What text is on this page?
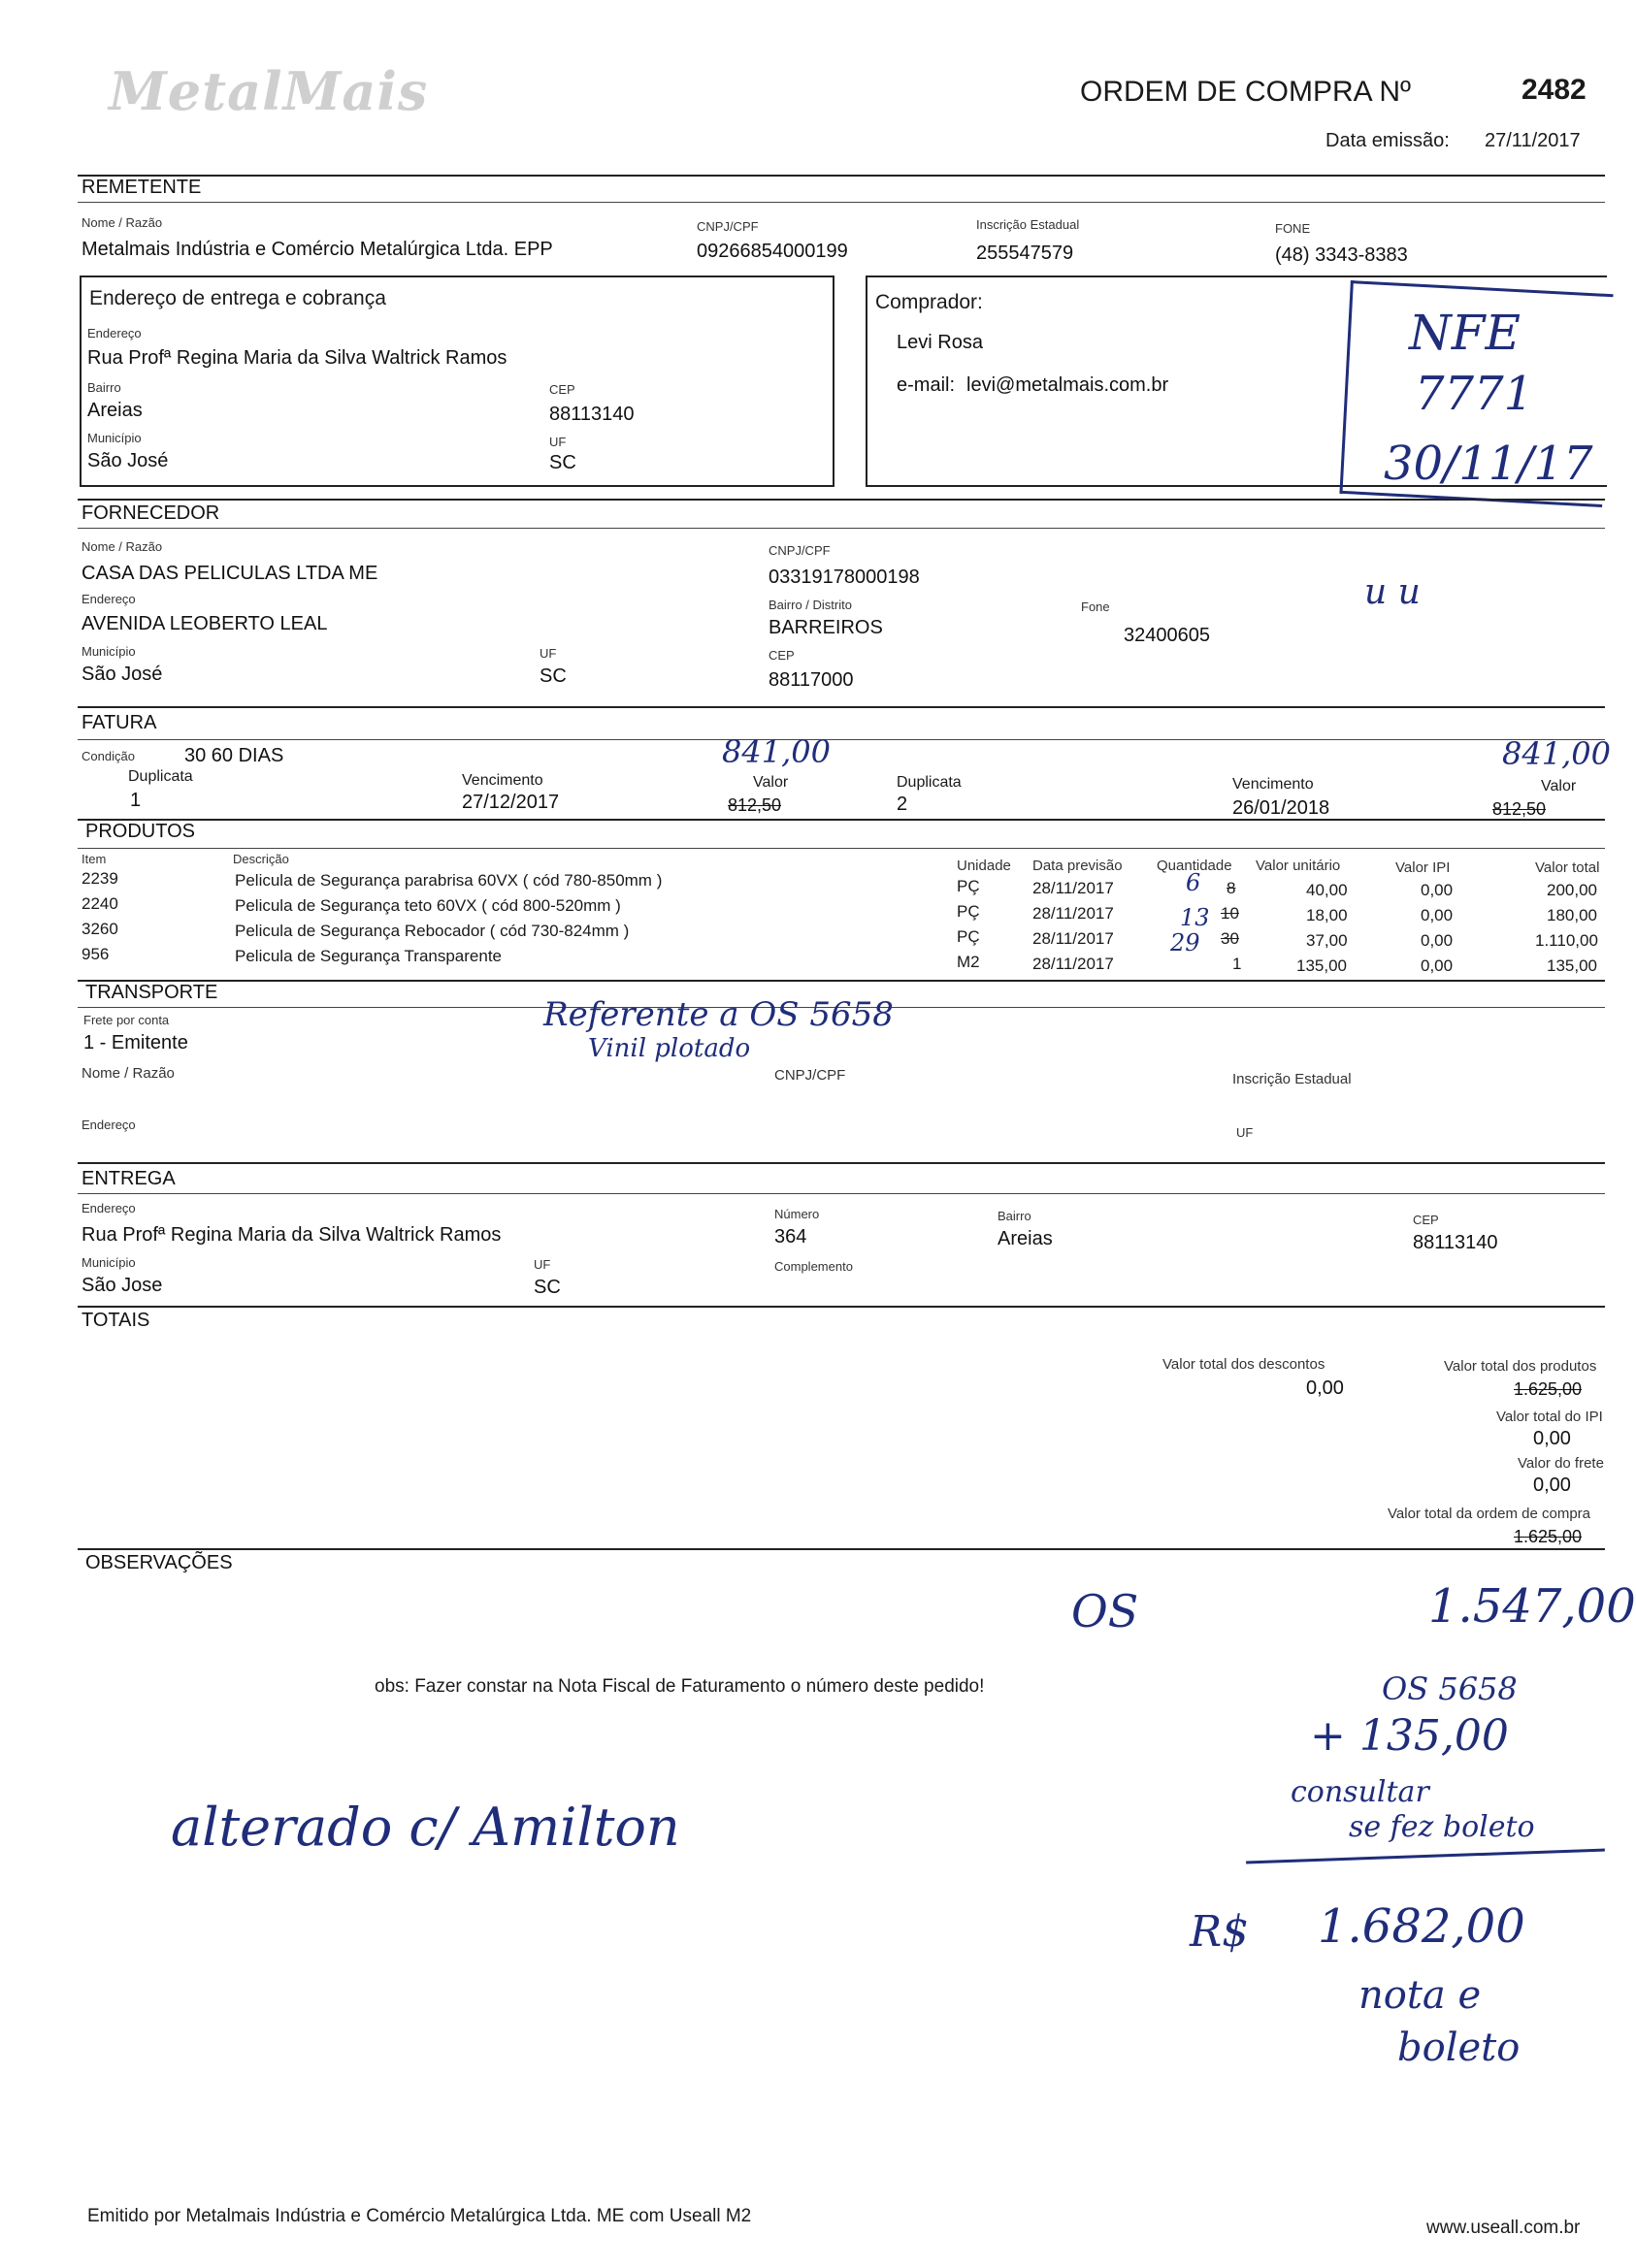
MetalMais	ORDEM DE COMPRA Nº	2482
Data emissão: 27/11/2017
REMETENTE
Nome / Razão
Metalmais Indústria e Comércio Metalúrgica Ltda. EPP
CNPJ/CPF
09266854000199
Inscrição Estadual
255547579
FONE
(48) 3343-8383
Endereço de entrega e cobrança
Endereço
Rua Profª Regina Maria da Silva Waltrick Ramos
Bairro
Areias
CEP
88113140
Município
São José
UF
SC
Comprador:
Levi Rosa
e-mail: levi@metalmais.com.br
NFE
7771
30/11/17
u u
FORNECEDOR
Nome / Razão
CASA DAS PELICULAS LTDA ME
CNPJ/CPF
03319178000198
Endereço
AVENIDA LEOBERTO LEAL
Bairro / Distrito
BARREIROS
Fone
32400605
Município
São José
UF
SC
CEP
88117000
FATURA
Condição	30 60 DIAS
Duplicata
1
Vencimento
27/12/2017
Valor
812,50
841,00
Duplicata
2
Vencimento
26/01/2018
Valor
812,50
841,00
PRODUTOS
Item	Descrição	Unidade Data previsão Quantidade Valor unitário	Valor IPI	Valor total
2239	Pelicula de Segurança parabrisa 60VX ( cód 780-850mm )	PÇ	28/11/2017	8	40,00	0,00	200,00
2240	Pelicula de Segurança teto 60VX ( cód 800-520mm )	PÇ	28/11/2017	10	18,00	0,00	180,00
3260	Pelicula de Segurança Rebocador ( cód 730-824mm )	PÇ	28/11/2017	30	37,00	0,00	1.110,00
956	Pelicula de Segurança Transparente	M2	28/11/2017	1	135,00	0,00	135,00
6
13
29
TRANSPORTE
Frete por conta
1 - Emitente
Nome / Razão	CNPJ/CPF	Inscrição Estadual
Endereço
UF
Referente a OS 5658
Vinil plotado
ENTREGA
Endereço
Rua Profª Regina Maria da Silva Waltrick Ramos
Número
364
Bairro
Areias
CEP
88113140
Município
São Jose
UF
SC
Complemento
TOTAIS
Valor total dos descontos
0,00
Valor total dos produtos
1.625,00
Valor total do IPI
0,00
Valor do frete
0,00
Valor total da ordem de compra
1.625,00
OBSERVAÇÕES
obs: Fazer constar na Nota Fiscal de Faturamento o número deste pedido!
OS	1.547,00
OS 5658
+ 135,00
consultar
se fez boleto
R$ 1.682,00
nota e
boleto
alterado c/ Amilton
Emitido por Metalmais Indústria e Comércio Metalúrgica Ltda. ME com Useall M2
www.useall.com.br
